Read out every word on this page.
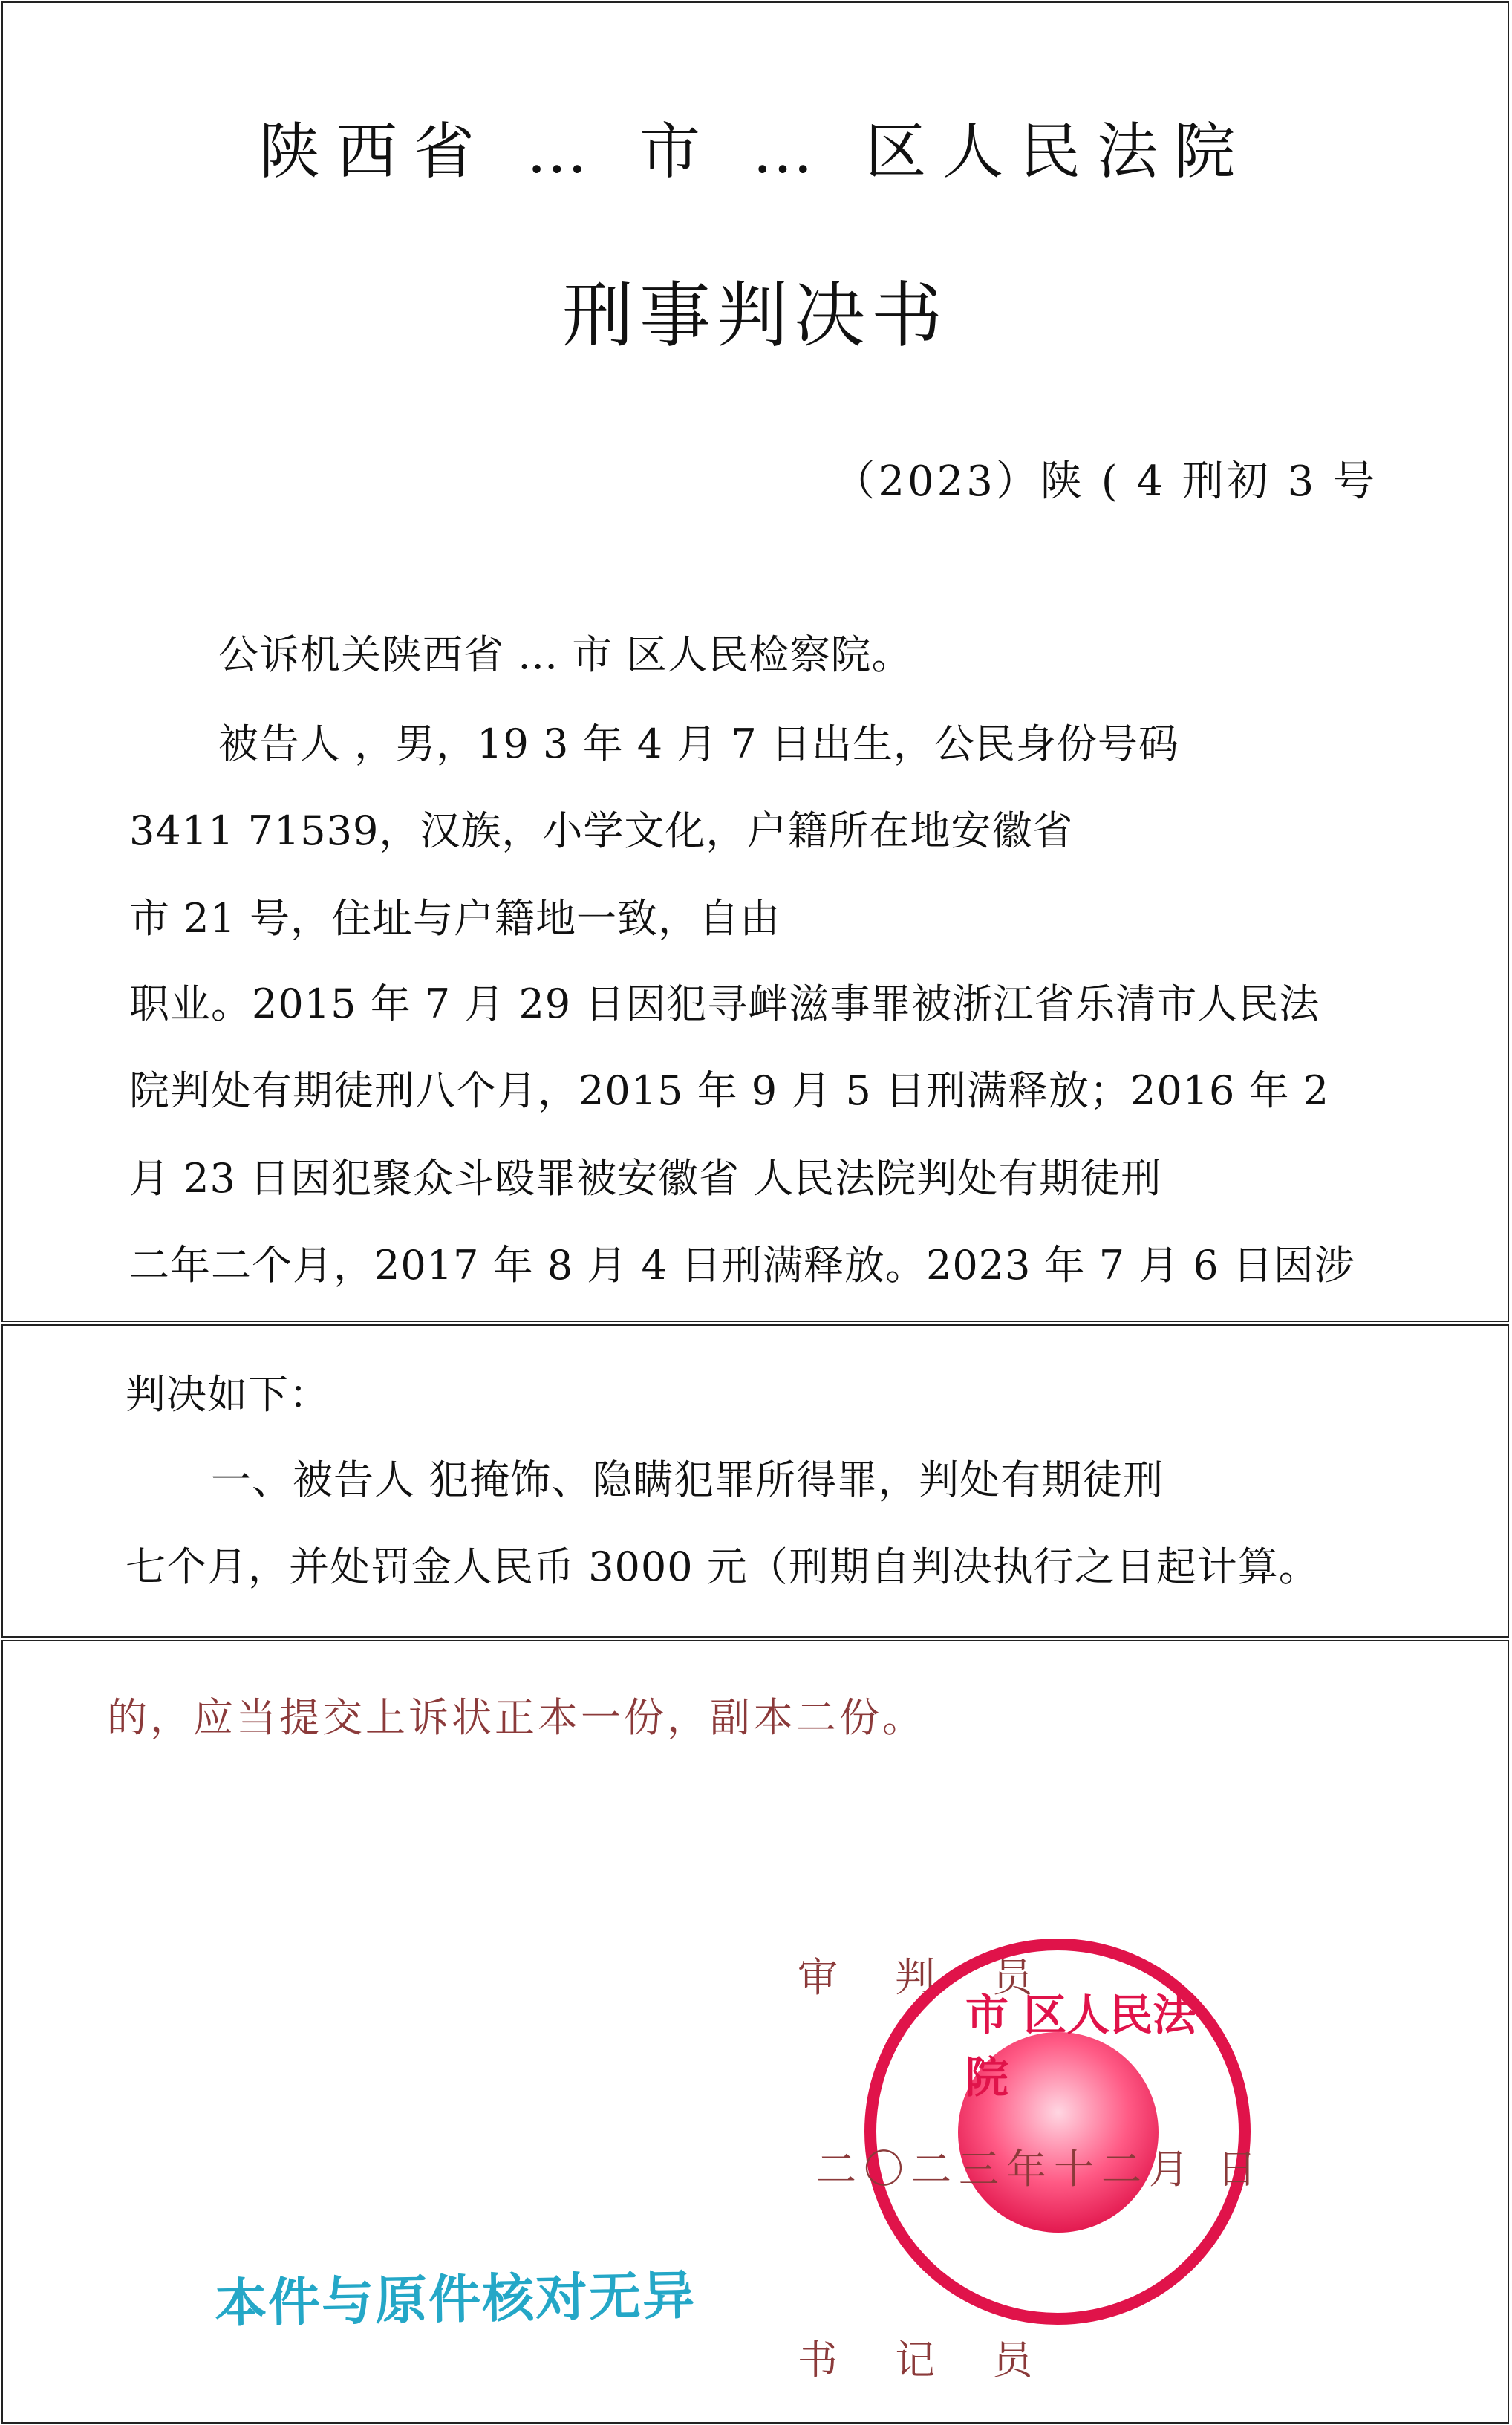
陕西省 … 市 … 区人民法院
刑事判决书
（2023）陕 ( 4 刑初 3 号
公诉机关陕西省 … 市 区人民检察院。
被告人 ，男，19 3 年 4 月 7 日出生，公民身份号码
3411 71539，汉族，小学文化，户籍所在地安徽省
市 21 号，住址与户籍地一致，自由
职业。2015 年 7 月 29 日因犯寻衅滋事罪被浙江省乐清市人民法
院判处有期徒刑八个月，2015 年 9 月 5 日刑满释放；2016 年 2
月 23 日因犯聚众斗殴罪被安徽省 人民法院判处有期徒刑
二年二个月，2017 年 8 月 4 日刑满释放。2023 年 7 月 6 日因涉
判决如下：
一、被告人 犯掩饰、隐瞒犯罪所得罪，判处有期徒刑
七个月，并处罚金人民币 3000 元（刑期自判决执行之日起计算。
的，应当提交上诉状正本一份，副本二份。
审 判 员
市 区人民法院
二〇二三年十二月 日
本件与原件核对无异
书 记 员
